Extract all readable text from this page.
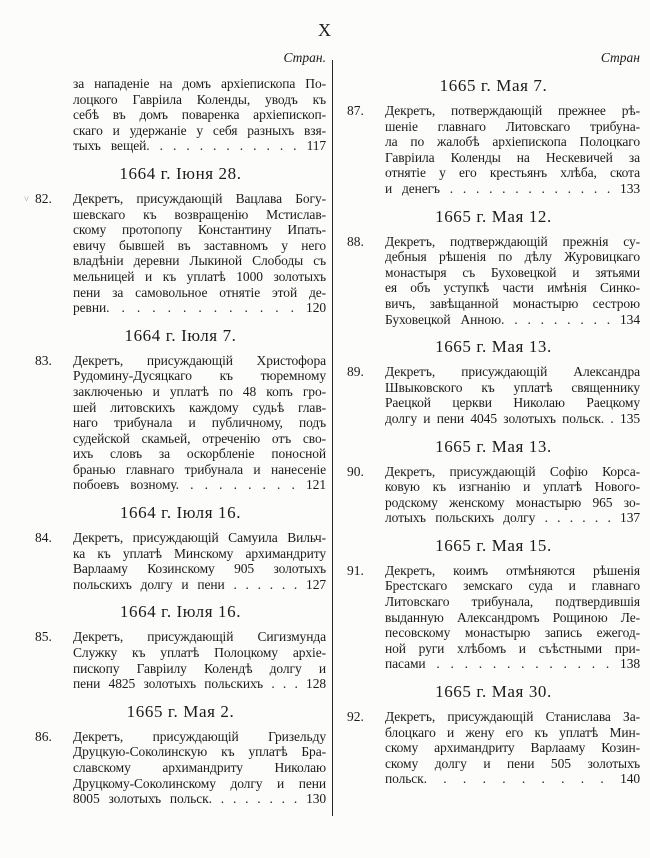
X
Стран.
за нападеніе на домъ архіепископа По-
лоцкого Гавріила Коленды, уводъ къ
себѣ въ домъ поваренка архіепископ-
скаго и удержаніе у себя разныхъ взя-
тыхъ вещей. . . . . . . . . . . . 117
1664 г. Іюня 28.
˅ 82.	Декретъ, присуждающій Вацлава Богу-
шевскаго къ возвращенію Мстислав-
скому протопопу Константину Ипать-
евичу бывшей въ заставномъ у него
владѣніи деревни Лыкиной Слободы съ
мельницей и къ уплатѣ 1000 золотыхъ
пени за самовольное отнятіе этой де-
ревни. . . . . . . . . . . . . 120
1664 г. Іюля 7.
83.	Декретъ, присуждающій Христофора
Рудомину-Дусяцкаго къ тюремному
заключенью и уплатѣ по 48 копъ гро-
шей литовскихъ каждому судьѣ глав-
наго трибунала и публичному, подъ
судейской скамьей, отреченію отъ сво-
ихъ словъ за оскорбленіе поносной
бранью главнаго трибунала и нанесеніе
побоевъ возному. . . . . . . . . 121
1664 г. Іюля 16.
84.	Декретъ, присуждающій Самуила Вильч-
ка къ уплатѣ Минскому архимандриту
Варлааму Козинскому 905 золотыхъ
польскихъ долгу и пени . . . . . . 127
1664 г. Іюля 16.
85.	Декретъ, присуждающій Сигизмунда
Служку къ уплатѣ Полоцкому архіе-
пископу Гавріилу Колендѣ долгу и
пени 4825 золотыхъ польскихъ . . . 128
1665 г. Мая 2.
86.	Декретъ, присуждающій Гризельду
Друцкую-Соколинскую къ уплатѣ Бра-
славскому архимандриту Николаю
Друцкому-Соколинскому долгу и пени
8005 золотыхъ польск. . . . . . . . 130
Стран
1665 г. Мая 7.
87.	Декретъ, потверждающій прежнее рѣ-
шеніе главнаго Литовскаго трибуна-
ла по жалобѣ архіепископа Полоцкаго
Гавріила Коленды на Нескевичей за
отнятіе у его крестьянъ хлѣба, скота
и денегъ . . . . . . . . . . . . . 133
1665 г. Мая 12.
88.	Декретъ, подтверждающій прежнія су-
дебныя рѣшенія по дѣлу Журовицкаго
монастыря съ Буховецкой и зятьями
ея объ уступкѣ части имѣнія Синко-
вичъ, завѣщанной монастырю сестрою
Буховецкой Анною. . . . . . . . . 134
1665 г. Мая 13.
89.	Декретъ, присуждающій Александра
Швыковского къ уплатѣ священнику
Раецкой церкви Николаю Раецкому
долгу и пени 4045 золотыхъ польск. . 135
1665 г. Мая 13.
90.	Декретъ, присуждающій Софію Корса-
ковую къ изгнанію и уплатѣ Нового-
родскому женскому монастырю 965 зо-
лотыхъ польскихъ долгу . . . . . . 137
1665 г. Мая 15.
91.	Декретъ, коимъ отмѣняются рѣшенія
Брестскаго земскаго суда и главнаго
Литовскаго трибунала, подтвердившія
выданную Александромъ Рощиною Ле-
песовскому монастырю запись ежегод-
ной руги хлѣбомъ и съѣстными при-
пасами . . . . . . . . . . . . . 138
1665 г. Мая 30.
92.	Декретъ, присуждающій Станислава За-
блоцкаго и жену его къ уплатѣ Мин-
скому архимандриту Варлааму Козин-
скому долгу и пени 505 золотыхъ
польск. . . . . . . . . . 140
